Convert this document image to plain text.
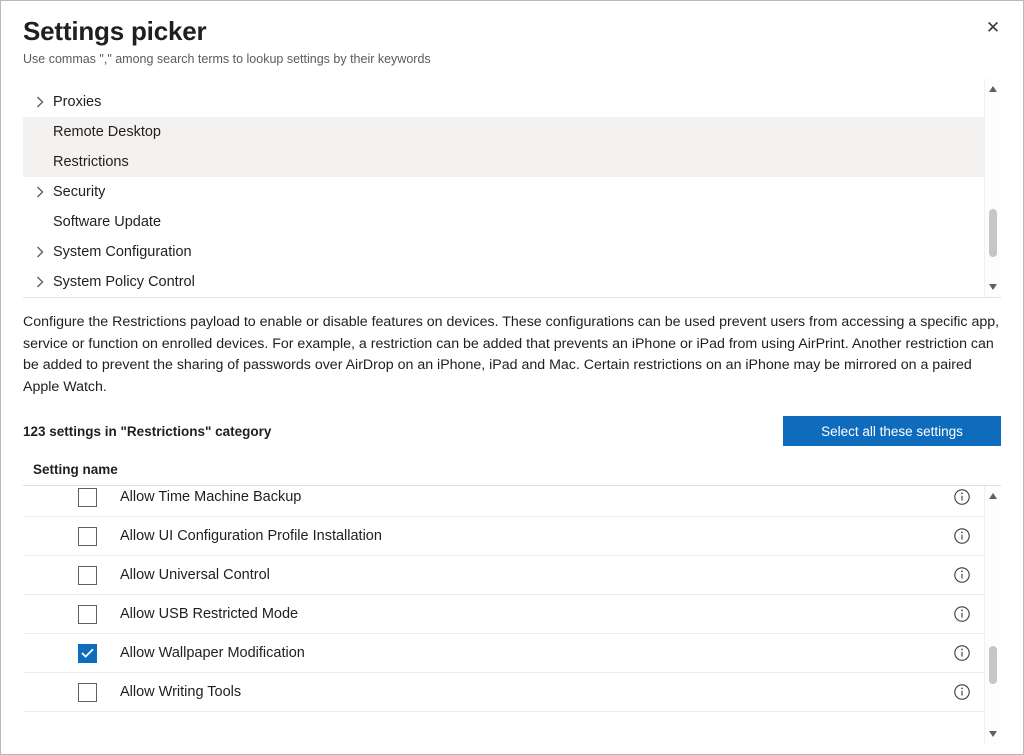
Settings picker
Use commas "," among search terms to lookup settings by their keywords
✕
Proxies
Remote Desktop
Restrictions
Security
Software Update
System Configuration
System Policy Control
Configure the Restrictions payload to enable or disable features on devices. These configurations can be used prevent users from accessing a specific app, service or function on enrolled devices. For example, a restriction can be added that prevents an iPhone or iPad from using AirPrint. Another restriction can be added to prevent the sharing of passwords over AirDrop on an iPhone, iPad and Mac. Certain restrictions on an iPhone may be mirrored on a paired Apple Watch.
123 settings in "Restrictions" category	Select all these settings
Setting name
Allow Time Machine Backup
Allow UI Configuration Profile Installation
Allow Universal Control
Allow USB Restricted Mode
Allow Wallpaper Modification
Allow Writing Tools
